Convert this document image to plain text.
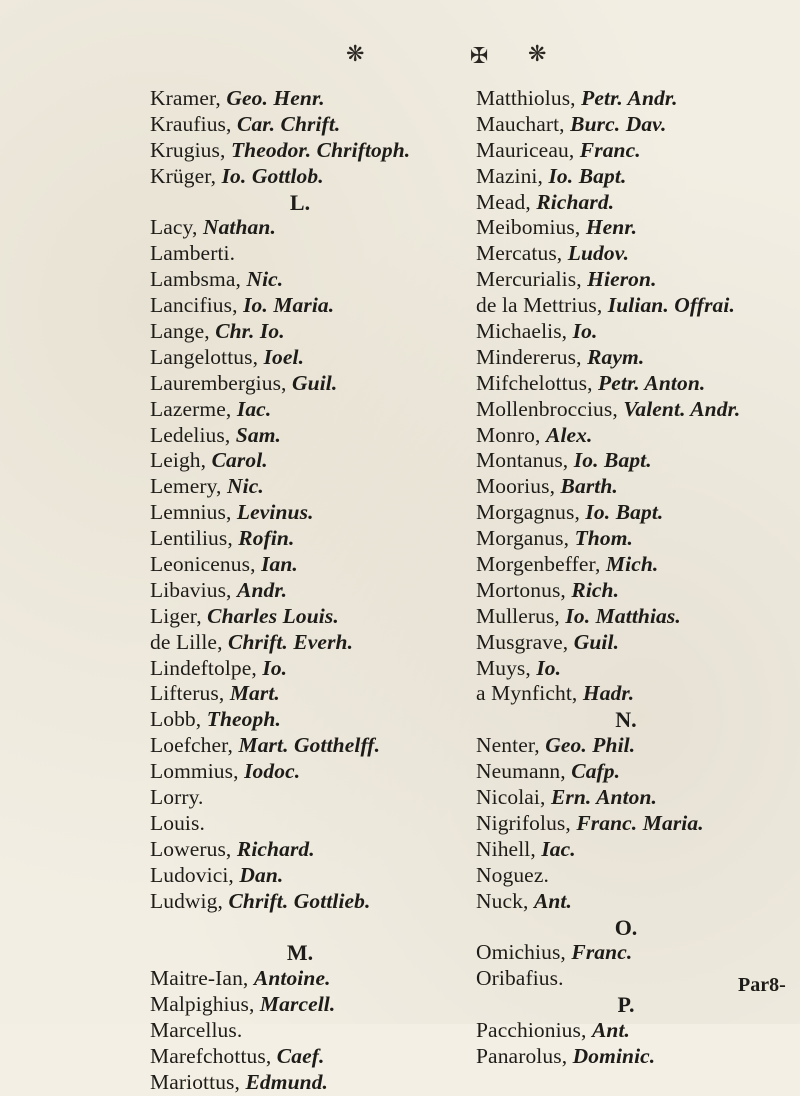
❋	✠ ❋
Kramer, Geo. Henr.
Kraufius, Car. Chrift.
Krugius, Theodor. Chriftoph.
Krüger, Io. Gottlob.
L.
Lacy, Nathan.
Lamberti.
Lambsma, Nic.
Lancifius, Io. Maria.
Lange, Chr. Io.
Langelottus, Ioel.
Laurembergius, Guil.
Lazerme, Iac.
Ledelius, Sam.
Leigh, Carol.
Lemery, Nic.
Lemnius, Levinus.
Lentilius, Rofin.
Leonicenus, Ian.
Libavius, Andr.
Liger, Charles Louis.
de Lille, Chrift. Everh.
Lindeftolpe, Io.
Lifterus, Mart.
Lobb, Theoph.
Loefcher, Mart. Gotthelff.
Lommius, Iodoc.
Lorry.
Louis.
Lowerus, Richard.
Ludovici, Dan.
Ludwig, Chrift. Gottlieb.
M.
Maitre-Ian, Antoine.
Malpighius, Marcell.
Marcellus.
Marefchottus, Caef.
Mariottus, Edmund.
Matthiolus, Petr. Andr.
Mauchart, Burc. Dav.
Mauriceau, Franc.
Mazini, Io. Bapt.
Mead, Richard.
Meibomius, Henr.
Mercatus, Ludov.
Mercurialis, Hieron.
de la Mettrius, Iulian. Offrai.
Michaelis, Io.
Mindererus, Raym.
Mifchelottus, Petr. Anton.
Mollenbroccius, Valent. Andr.
Monro, Alex.
Montanus, Io. Bapt.
Moorius, Barth.
Morgagnus, Io. Bapt.
Morganus, Thom.
Morgenbeffer, Mich.
Mortonus, Rich.
Mullerus, Io. Matthias.
Musgrave, Guil.
Muys, Io.
a Mynficht, Hadr.
N.
Nenter, Geo. Phil.
Neumann, Cafp.
Nicolai, Ern. Anton.
Nigrifolus, Franc. Maria.
Nihell, Iac.
Noguez.
Nuck, Ant.
O.
Omichius, Franc.
Oribafius.
P.
Pacchionius, Ant.
Panarolus, Dominic.
Par8-
